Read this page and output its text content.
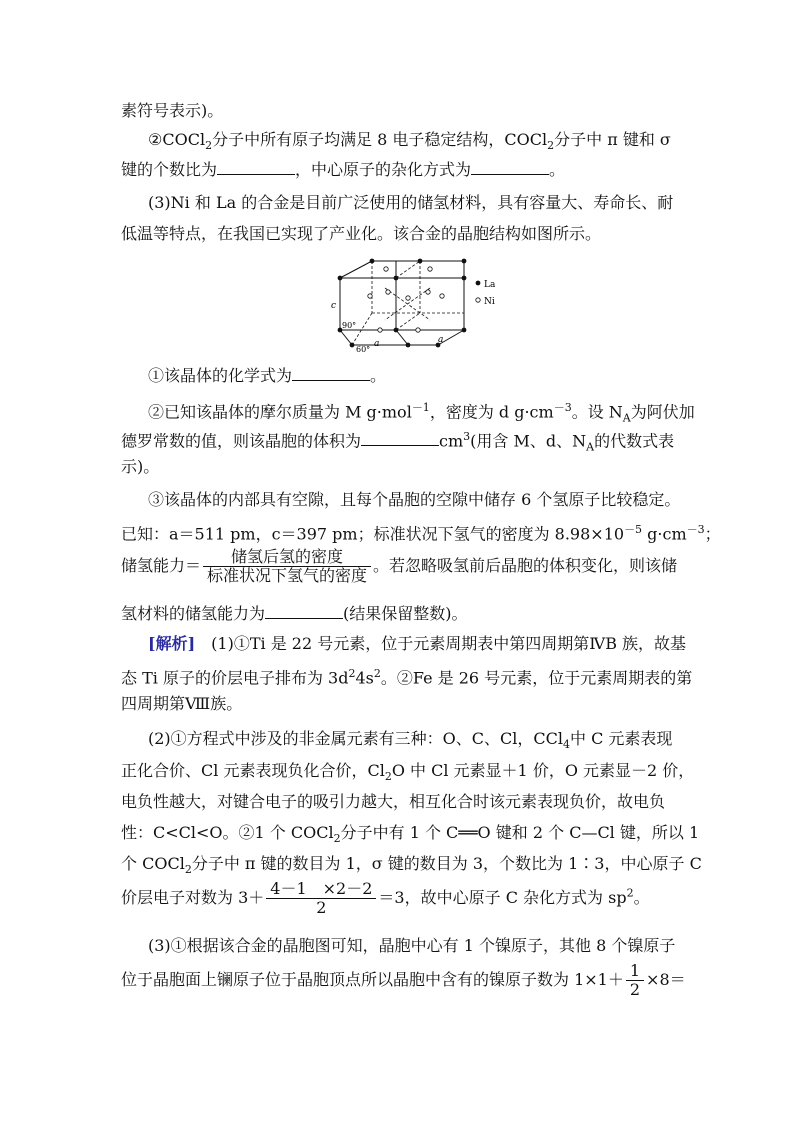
素符号表示)。
②COCl$_2$分子中所有原子均满足 8 电子稳定结构，COCl$_2$分子中 π 键和 σ
键的个数比为	，中心原子的杂化方式为	。
(3)Ni 和 La 的合金是目前广泛使用的储氢材料，具有容量大、寿命长、耐
低温等特点，在我国已实现了产业化。该合金的晶胞结构如图所示。
La
Ni
c
90°
60°
a	a
①该晶体的化学式为	。
②已知该晶体的摩尔质量为 M g·mol$^{-1}$，密度为 d $g\cdot cm^{-3}$。设 $N_A$为阿伏加
德罗常数的值，则该晶胞的体积为	$cm^3$(用含 M、d、$N_A$的代数式表
示)。
③该晶体的内部具有空隙，且每个晶胞的空隙中储存 6 个氢原子比较稳定。
已知：a＝511 pm，c＝397 pm；标准状况下氢气的密度为 $8.98\times 10^{-5}$ $g\cdot cm^{-3}$；
储氢能力＝ $\frac{\text{储氢后氢的密度}}{\text{标准状况下氢气的密度}}$ 。若忽略吸氢前后晶胞的体积变化，则该储
氢材料的储氢能力为	(结果保留整数)。
[解析]　(1)①Ti 是 22 号元素，位于元素周期表中第四周期第ⅣB 族，故基
态 Ti 原子的价层电子排布为 $3d^24s^2$。②Fe 是 26 号元素，位于元素周期表的第
四周期第Ⅷ族。
(2)①方程式中涉及的非金属元素有三种：O、C、Cl，CCl$_4$中 C 元素表现
正化合价、Cl 元素表现负化合价，$Cl_2O$ 中 Cl 元素显＋1 价，O 元素显－2 价，
电负性越大，对键合电子的吸引力越大，相互化合时该元素表现负价，故电负
性：C<Cl<O。②1 个 COCl$_2$分子中有 1 个 C══O 键和 2 个 C—Cl 键，所以 1
个 COCl$_2$分子中 π 键的数目为 1，σ 键的数目为 3，个数比为 1∶3，中心原子 C
价层电子对数为 $3+ \frac{4-1 \times 2-2}{2} =3$，故中心原子 C 杂化方式为 $sp^2$。
(3)①根据该合金的晶胞图可知，晶胞中心有 1 个镍原子，其他 8 个镍原子
位于晶胞面上镧原子位于晶胞顶点所以晶胞中含有的镍原子数为 $1\times 1+ \frac{1}{2} \times 8=$
